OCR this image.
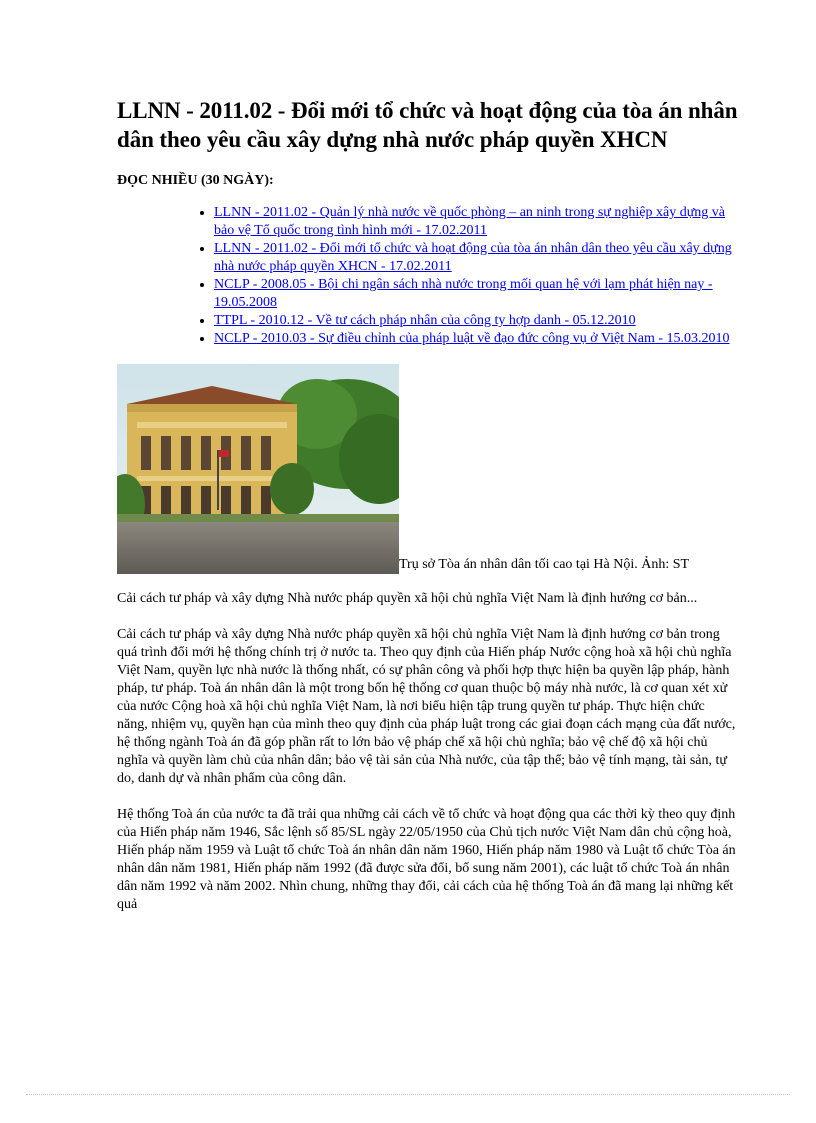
LLNN - 2011.02 - Đổi mới tổ chức và hoạt động của tòa án nhân dân theo yêu cầu xây dựng nhà nước pháp quyền XHCN
ĐỌC NHIỀU (30 NGÀY):
• LLNN - 2011.02 - Quản lý nhà nước về quốc phòng – an ninh trong sự nghiệp xây dựng và bảo vệ Tổ quốc trong tình hình mới - 17.02.2011
• LLNN - 2011.02 - Đổi mới tổ chức và hoạt động của tòa án nhân dân theo yêu cầu xây dựng nhà nước pháp quyền XHCN - 17.02.2011
• NCLP - 2008.05 - Bội chi ngân sách nhà nước trong mối quan hệ với lạm phát hiện nay - 19.05.2008
• TTPL - 2010.12 - Về tư cách pháp nhân của công ty hợp danh - 05.12.2010
• NCLP - 2010.03 - Sự điều chỉnh của pháp luật về đạo đức công vụ ở Việt Nam - 15.03.2010
Trụ sở Tòa án nhân dân tối cao tại Hà Nội. Ảnh: ST

Cải cách tư pháp và xây dựng Nhà nước pháp quyền xã hội chủ nghĩa Việt Nam là định hướng cơ bản...

Cải cách tư pháp và xây dựng Nhà nước pháp quyền xã hội chủ nghĩa Việt Nam là định hướng cơ bản trong quá trình đổi mới hệ thống chính trị ở nước ta. Theo quy định của Hiến pháp Nước cộng hoà xã hội chủ nghĩa Việt Nam, quyền lực nhà nước là thống nhất, có sự phân công và phối hợp thực hiện ba quyền lập pháp, hành pháp, tư pháp. Toà án nhân dân là một trong bốn hệ thống cơ quan thuộc bộ máy nhà nước, là cơ quan xét xử của nước Cộng hoà xã hội chủ nghĩa Việt Nam, là nơi biểu hiện tập trung quyền tư pháp. Thực hiện chức năng, nhiệm vụ, quyền hạn của mình theo quy định của pháp luật trong các giai đoạn cách mạng của đất nước, hệ thống ngành Toà án đã góp phần rất to lớn bảo vệ pháp chế xã hội chủ nghĩa; bảo vệ chế độ xã hội chủ nghĩa và quyền làm chủ của nhân dân; bảo vệ tài sản của Nhà nước, của tập thể; bảo vệ tính mạng, tài sản, tự do, danh dự và nhân phẩm của công dân.

Hệ thống Toà án của nước ta đã trải qua những cải cách về tổ chức và hoạt động qua các thời kỳ theo quy định của Hiến pháp năm 1946, Sắc lệnh số 85/SL ngày 22/05/1950 của Chủ tịch nước Việt Nam dân chủ cộng hoà, Hiến pháp năm 1959 và Luật tổ chức Toà án nhân dân năm 1960, Hiến pháp năm 1980 và Luật tổ chức Tòa án nhân dân năm 1981, Hiến pháp năm 1992 (đã được sửa đổi, bổ sung năm 2001), các luật tổ chức Toà án nhân dân năm 1992 và năm 2002. Nhìn chung, những thay đổi, cải cách của hệ thống Toà án đã mang lại những kết quả
